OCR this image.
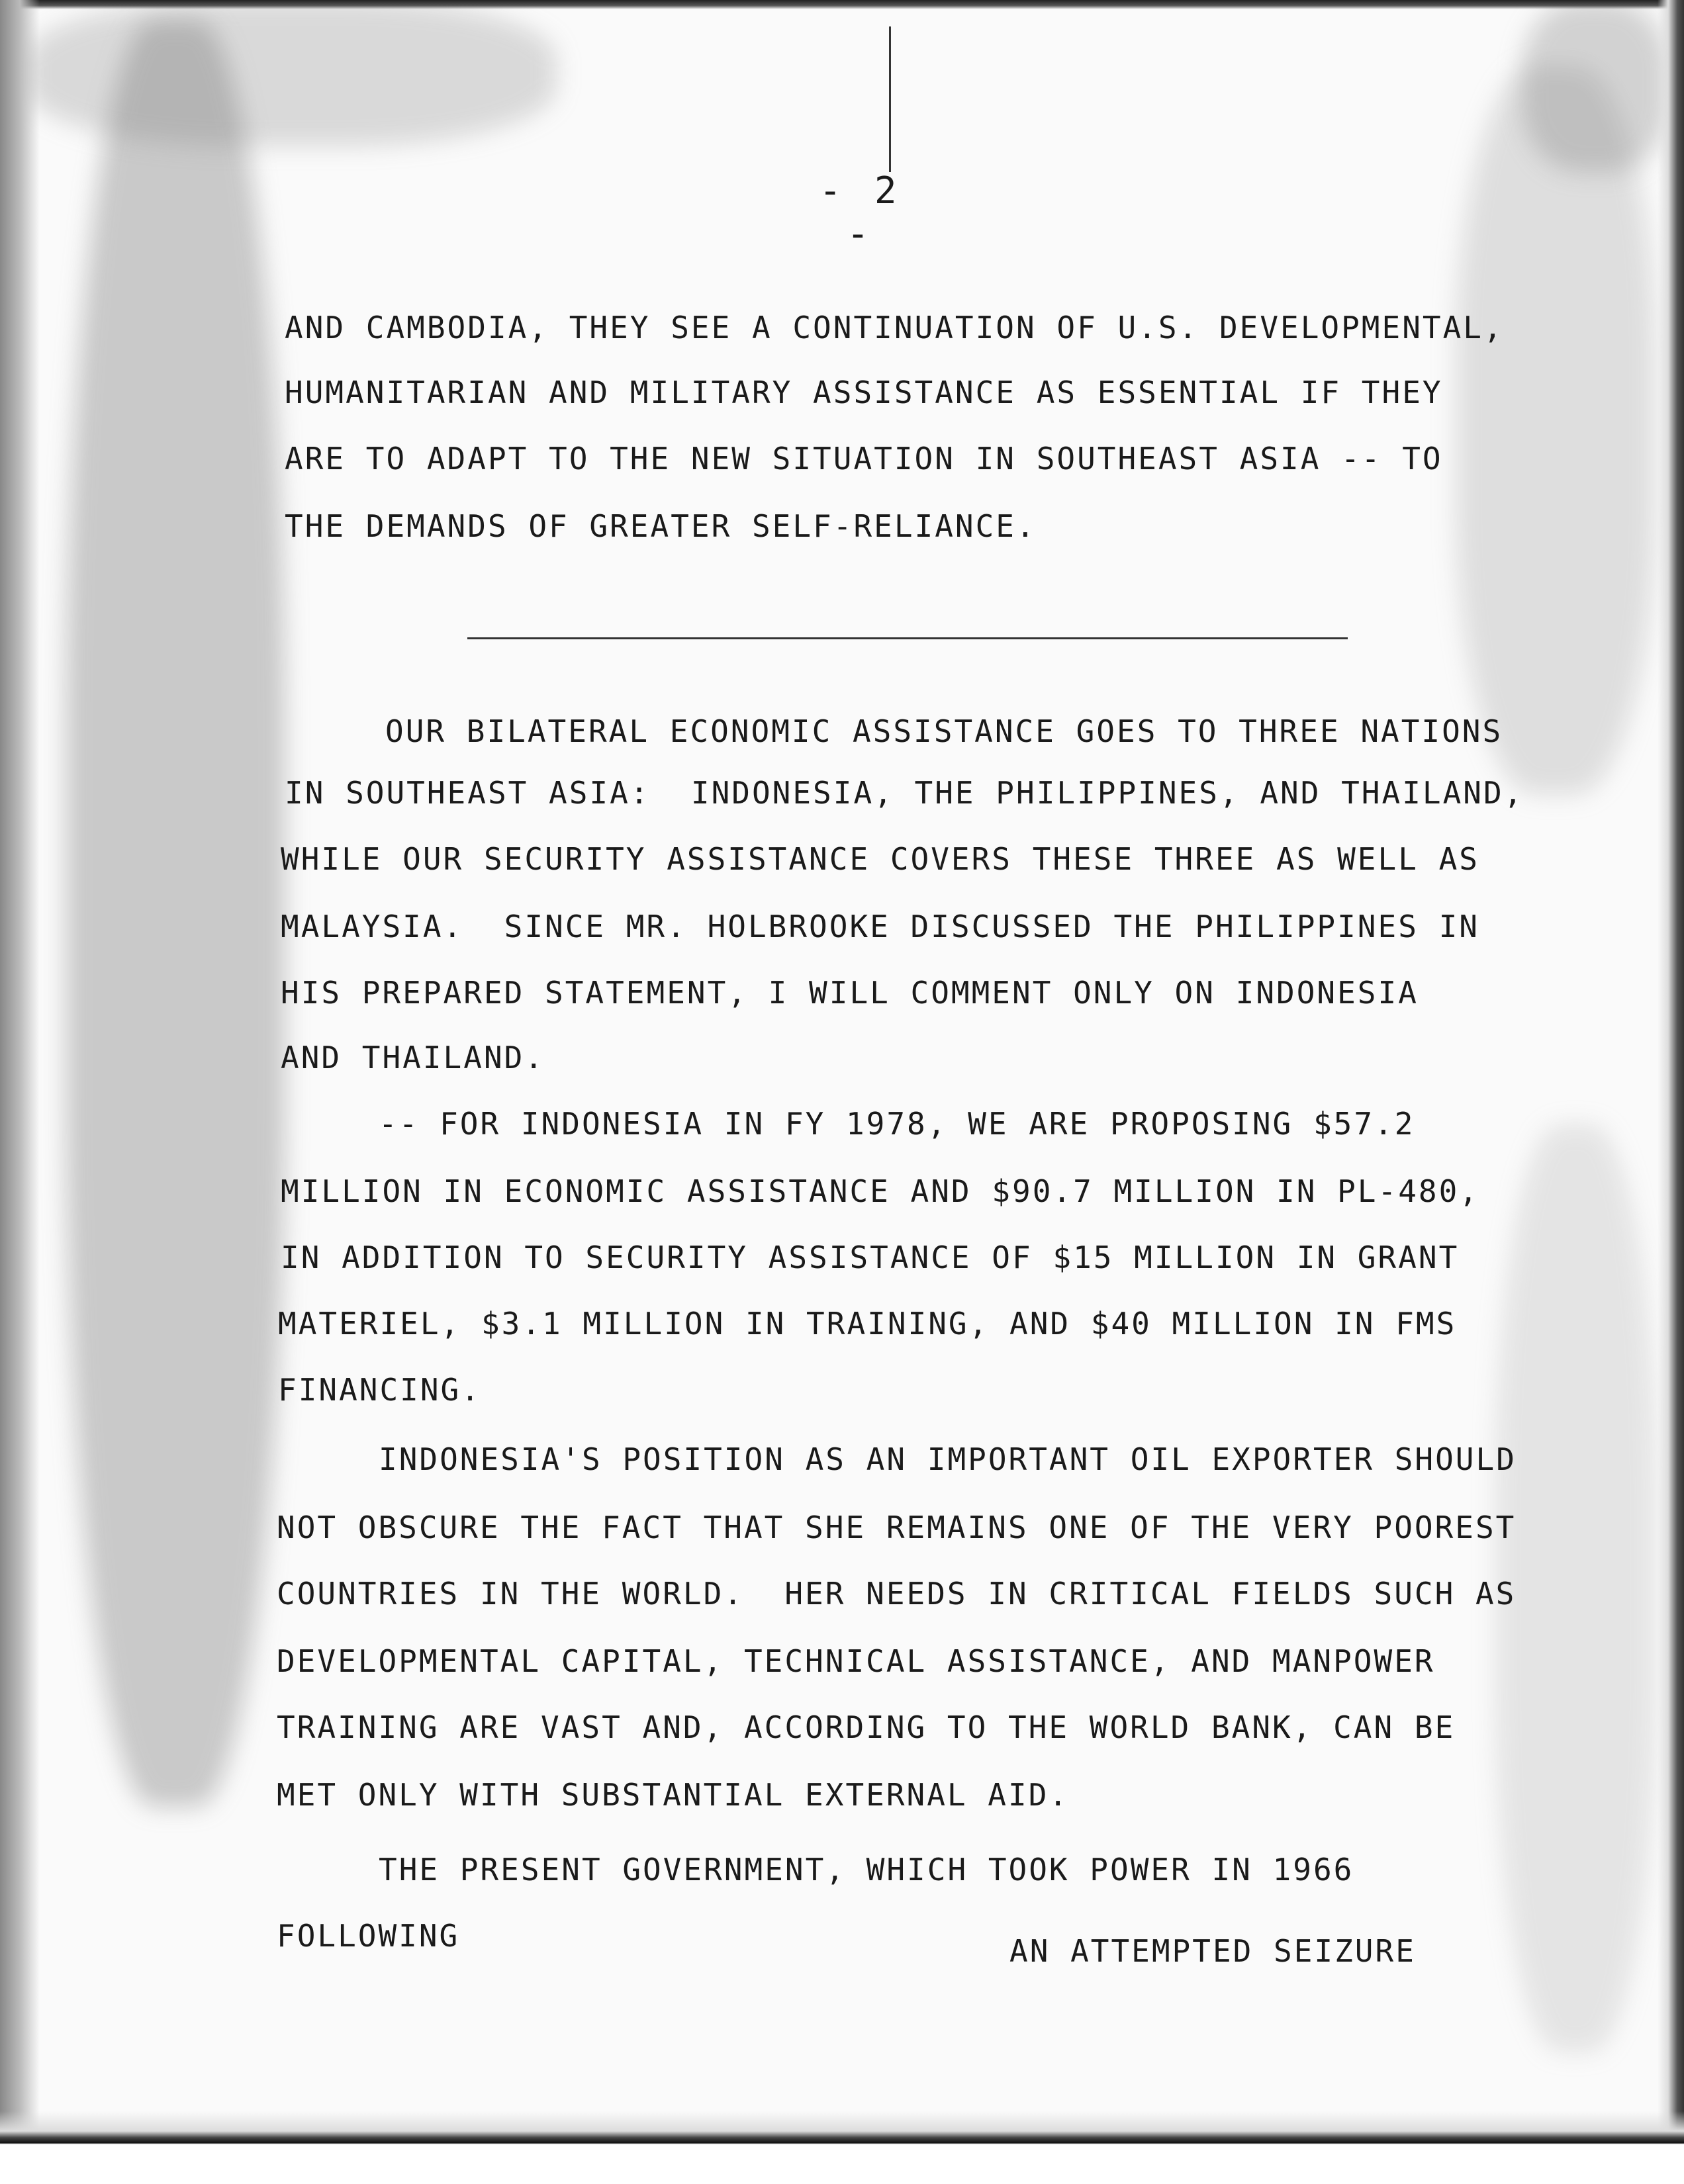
- 2 -
AND CAMBODIA, THEY SEE A CONTINUATION OF U.S. DEVELOPMENTAL,
HUMANITARIAN AND MILITARY ASSISTANCE AS ESSENTIAL IF THEY
ARE TO ADAPT TO THE NEW SITUATION IN SOUTHEAST ASIA -- TO
THE DEMANDS OF GREATER SELF-RELIANCE.
OUR BILATERAL ECONOMIC ASSISTANCE GOES TO THREE NATIONS
IN SOUTHEAST ASIA:  INDONESIA, THE PHILIPPINES, AND THAILAND,
WHILE OUR SECURITY ASSISTANCE COVERS THESE THREE AS WELL AS
MALAYSIA.  SINCE MR. HOLBROOKE DISCUSSED THE PHILIPPINES IN
HIS PREPARED STATEMENT, I WILL COMMENT ONLY ON INDONESIA
AND THAILAND.
-- FOR INDONESIA IN FY 1978, WE ARE PROPOSING $57.2
MILLION IN ECONOMIC ASSISTANCE AND $90.7 MILLION IN PL-480,
IN ADDITION TO SECURITY ASSISTANCE OF $15 MILLION IN GRANT
MATERIEL, $3.1 MILLION IN TRAINING, AND $40 MILLION IN FMS
FINANCING.
INDONESIA'S POSITION AS AN IMPORTANT OIL EXPORTER SHOULD
NOT OBSCURE THE FACT THAT SHE REMAINS ONE OF THE VERY POOREST
COUNTRIES IN THE WORLD.  HER NEEDS IN CRITICAL FIELDS SUCH AS
DEVELOPMENTAL CAPITAL, TECHNICAL ASSISTANCE, AND MANPOWER
TRAINING ARE VAST AND, ACCORDING TO THE WORLD BANK, CAN BE
MET ONLY WITH SUBSTANTIAL EXTERNAL AID.
THE PRESENT GOVERNMENT, WHICH TOOK POWER IN 1966
FOLLOWING	AN ATTEMPTED SEIZURE
